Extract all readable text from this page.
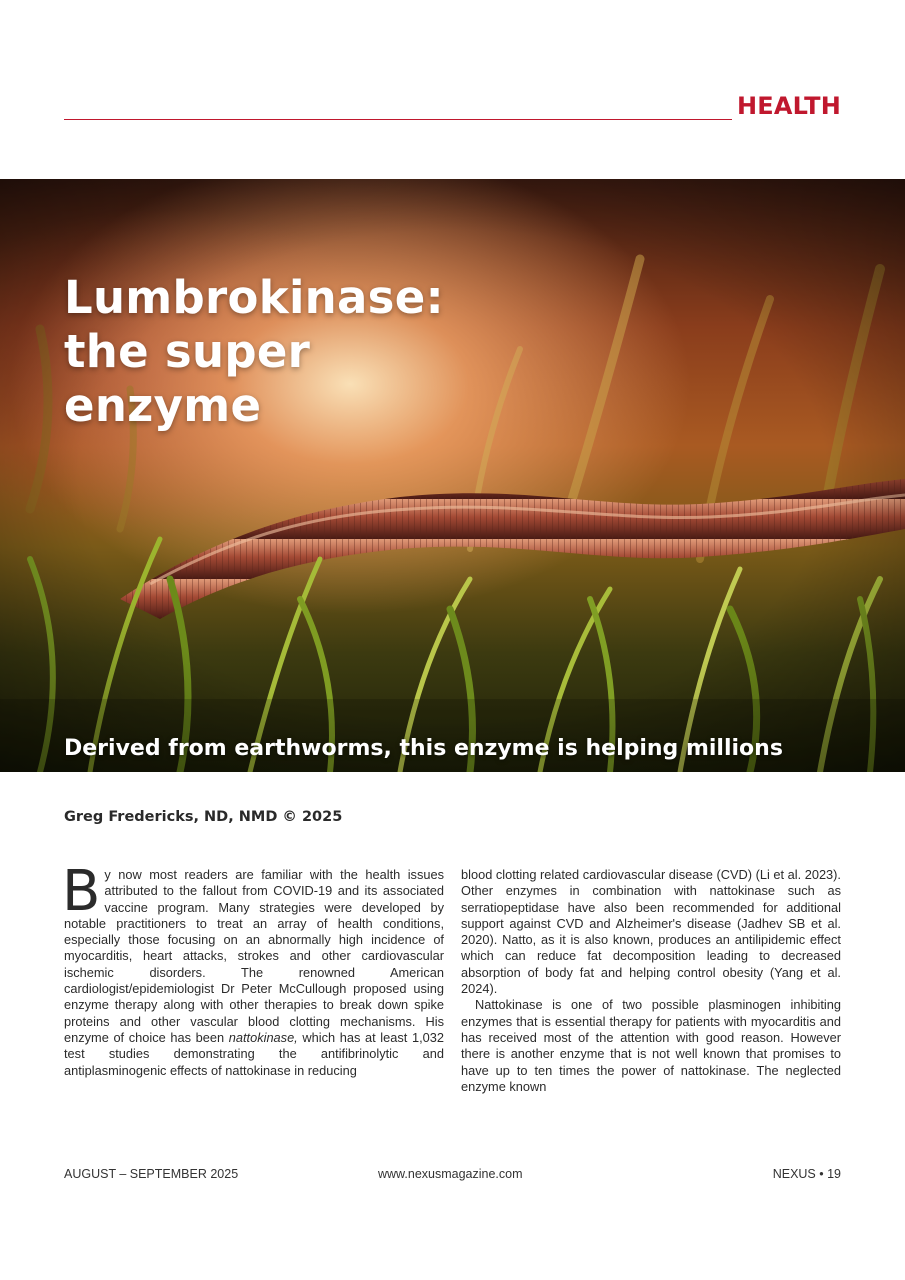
HEALTH
Lumbrokinase:
the super
enzyme

Derived from earthworms, this enzyme is helping millions

Greg Fredericks, ND, NMD © 2025

By now most readers are familiar with the health issues attributed to the fallout from COVID-19 and its associated vaccine program. Many strategies were developed by notable practitioners to treat an array of health conditions, especially those focusing on an abnormally high incidence of myocarditis, heart attacks, strokes and other cardiovascular ischemic disorders. The renowned American cardiologist/epidemiologist Dr Peter McCullough proposed using enzyme therapy along with other therapies to break down spike proteins and other vascular blood clotting mechanisms. His enzyme of choice has been nattokinase, which has at least 1,032 test studies demonstrating the antifibrinolytic and antiplasminogenic effects of nattokinase in reducing

blood clotting related cardiovascular disease (CVD) (Li et al. 2023). Other enzymes in combination with nattokinase such as serratiopeptidase have also been recommended for additional support against CVD and Alzheimer's disease (Jadhev SB et al. 2020). Natto, as it is also known, produces an antilipidemic effect which can reduce fat decomposition leading to decreased absorption of body fat and helping control obesity (Yang et al. 2024).

Nattokinase is one of two possible plasminogen inhibiting enzymes that is essential therapy for patients with myocarditis and has received most of the attention with good reason. However there is another enzyme that is not well known that promises to have up to ten times the power of nattokinase. The neglected enzyme known

AUGUST – SEPTEMBER 2025	www.nexusmagazine.com	NEXUS • 19
